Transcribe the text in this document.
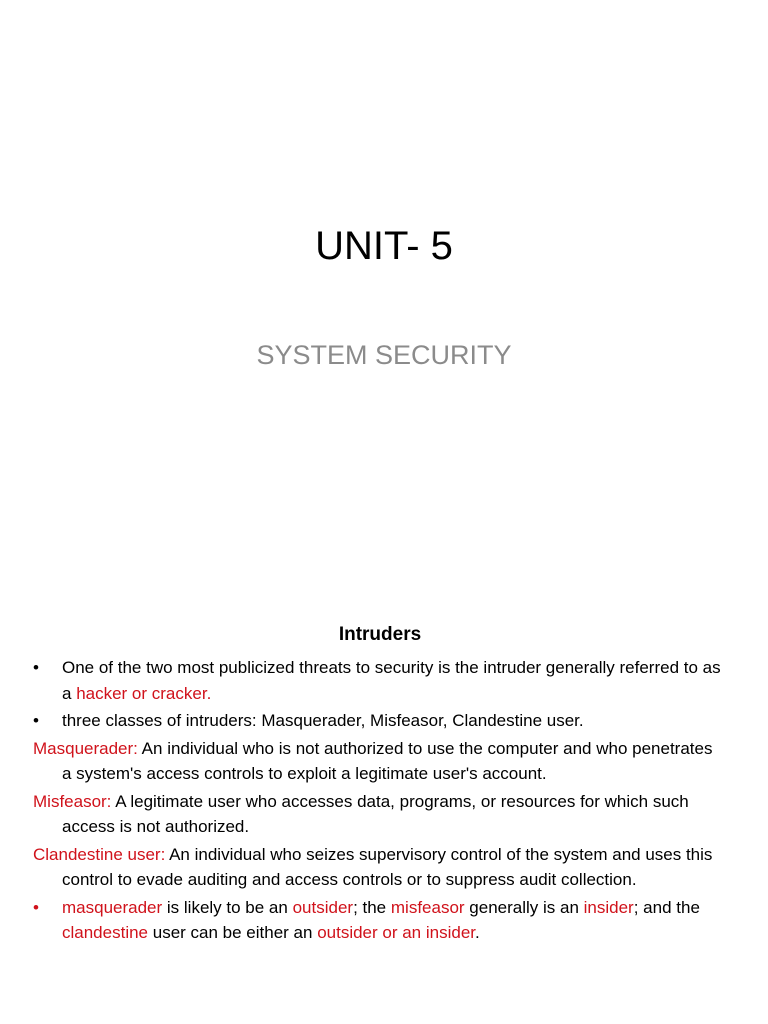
UNIT- 5
SYSTEM SECURITY
Intruders
•	One of the two most publicized threats to security is the intruder generally referred to as a hacker or cracker.
•	three classes of intruders: Masquerader, Misfeasor, Clandestine user.
Masquerader: An individual who is not authorized to use the computer and who penetrates a system's access controls to exploit a legitimate user's account.
Misfeasor: A legitimate user who accesses data, programs, or resources for which such access is not authorized.
Clandestine user: An individual who seizes supervisory control of the system and uses this control to evade auditing and access controls or to suppress audit collection.
•	masquerader is likely to be an outsider; the misfeasor generally is an insider; and the clandestine user can be either an outsider or an insider.
